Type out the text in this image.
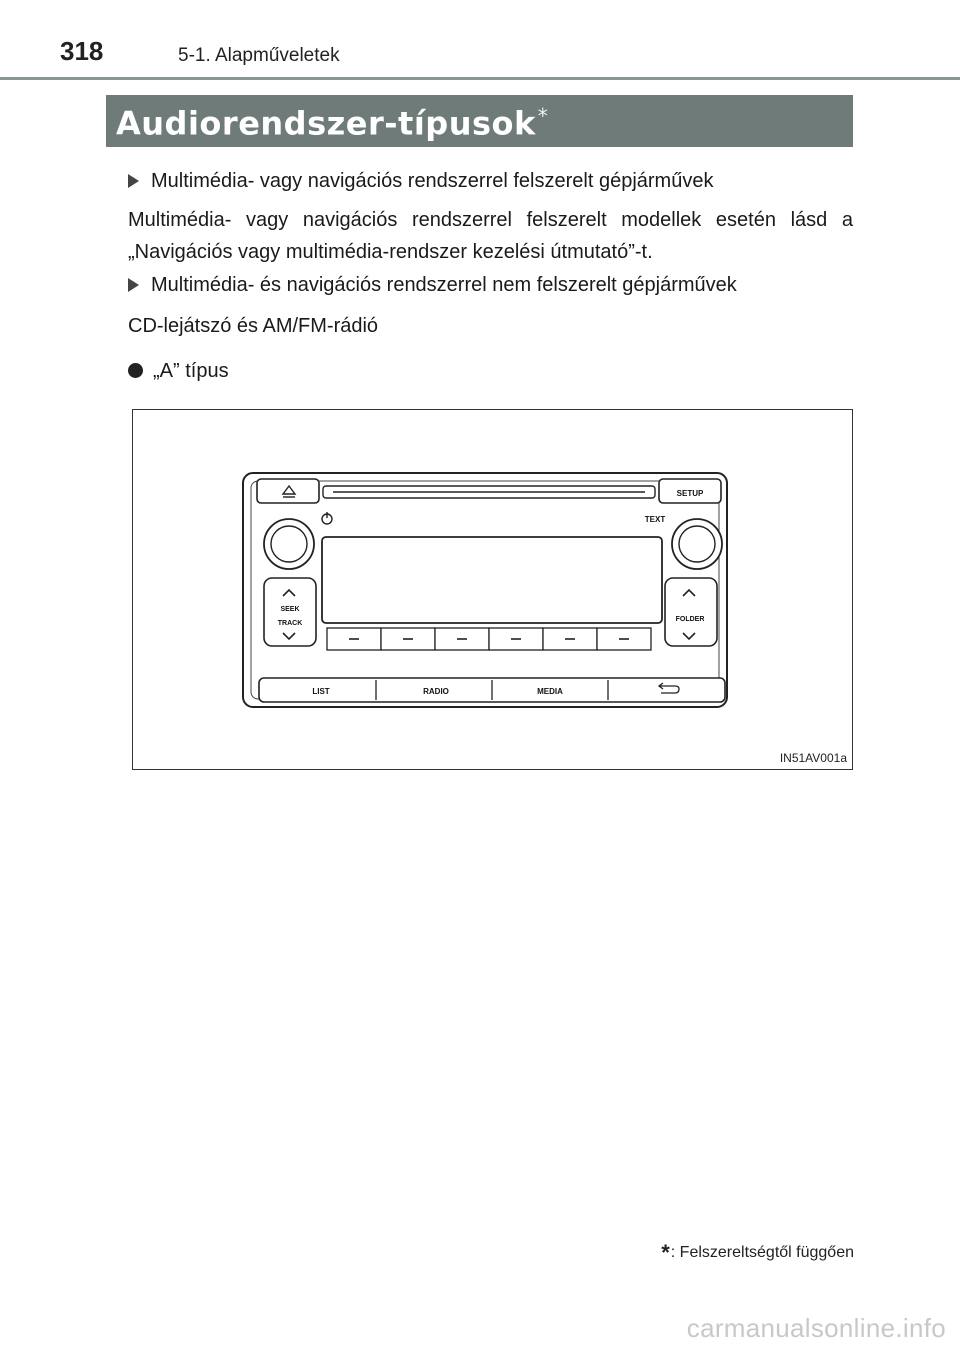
318	5-1. Alapműveletek
Audiorendszer-típusok *
Multimédia- vagy navigációs rendszerrel felszerelt gépjárművek
Multimédia- vagy navigációs rendszerrel felszerelt modellek esetén lásd a „Navigációs vagy multimédia-rendszer kezelési útmutató”-t.
Multimédia- és navigációs rendszerrel nem felszerelt gépjárművek
CD-lejátszó és AM/FM-rádió
„A” típus
SETUP
TEXT
SEEK
TRACK
FOLDER
LIST	RADIO	MEDIA
IN51AV001a
*: Felszereltségtől függően
carmanualsonline.info
